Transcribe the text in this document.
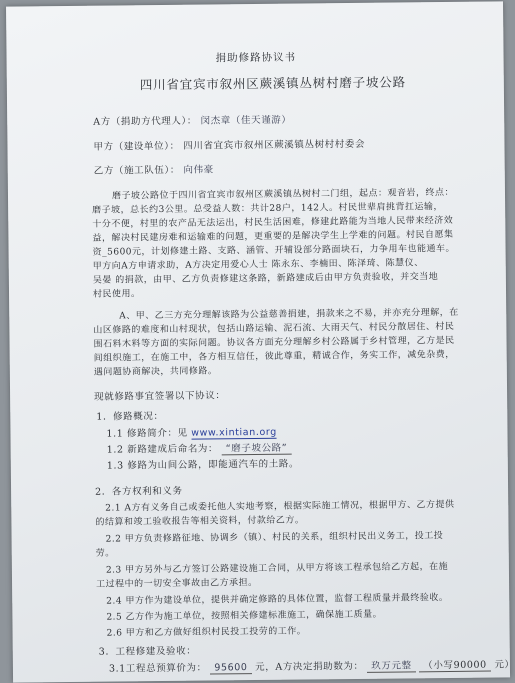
捐助修路协议书
四川省宜宾市叙州区蕨溪镇丛树村磨子坡公路
A方（捐助方代理人）： 闵杰章（佳天谨游）
甲方（建设单位）： 四川省宜宾市叙州区蕨溪镇丛树村村委会
乙方（施工队伍）： 向伟豪
磨子坡公路位于四川省宜宾市叙州区蕨溪镇丛树村二门组，起点：观音岩，终点：
磨子坡，总长约3公里。总受益人数：共计28户，142人。村民世辈肩挑背扛运输，
十分不便，村里的农产品无法运出，村民生活困难，修建此路能为当地人民带来经济效
益，解决村民建房难和运输难的问题，更重要的是解决学生上学难的问题。村民自愿集
资_5600元，计划修建土路、支路、涵管、开辅设部分路面块石，力争用车也能通车。
甲方向A方申请求助，A方决定用爱心人士 陈永东、李楠田、陈泽琦、陈慧仪、
吴晏 的捐款，由甲、乙方负责修建这条路，新路建成后由甲方负责验收，并交当地
村民使用。
A、甲、乙三方充分理解该路为公益慈善捐建，捐款来之不易，并亦充分理解，在
山区修路的难度和山村现状，包括山路运输、泥石流、大雨天气、村民分散居住、村民
围石料木料等方面的实际问题。协议各方面充分理解乡村公路属于乡村管理，乙方是民
间组织施工，在施工中，各方相互信任，彼此尊重，精诚合作，务实工作，减免杂费，
遇问题协商解决，共同修路。
现就修路事宜签署以下协议：
1．修路概况：
1.1 修路简介：见 www.xintian.org
1.2 新路建成后命名为： “磨子坡公路”
1.3 修路为山间公路，即能通汽车的土路。
2．各方权利和义务
2.1 A方有义务自己或委托他人实地考察，根据实际施工情况，根据甲方、乙方提供
的结算和竣工验收报告等相关资料，付款给乙方。
2.2 甲方负责修路征地、协调乡（镇）、村民的关系，组织村民出义务工，投工投
劳。
2.3 甲方另外与乙方签订公路建设施工合同，从甲方将该工程承包给乙方起，在施
工过程中的一切安全事故由乙方承担。
2.4 甲方作为建设单位，提供并确定修路的具体位置，监督工程质量并最终验收。
2.5 乙方作为施工单位，按照相关修建标准施工，确保施工质量。
2.6 甲方和乙方做好组织村民投工投劳的工作。
3．工程修建及验收：
3.1工程总预算价为： 95600 元，A方决定捐助数为： 玖万元整 （小写90000 元）
